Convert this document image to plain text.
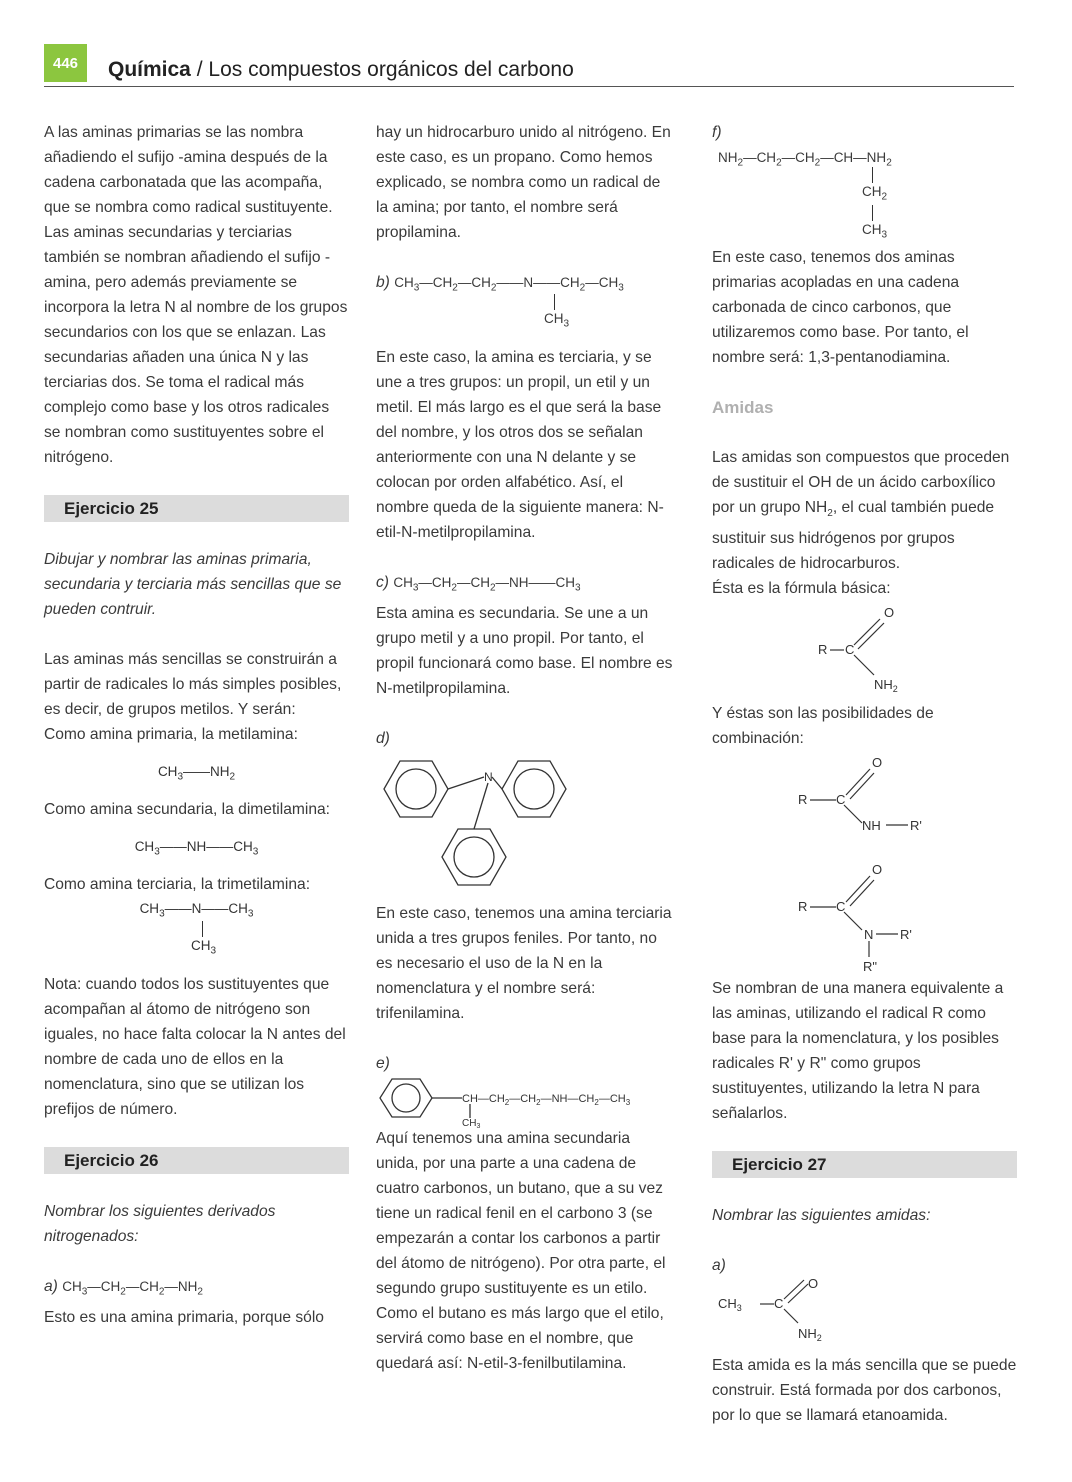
446	Química / Los compuestos orgánicos del carbono

A las aminas primarias se las nombra añadiendo el sufijo -amina después de la cadena carbonatada que las acompaña, que se nombra como radical sustituyente. Las aminas secundarias y terciarias también se nombran añadiendo el sufijo -amina, pero además previamente se incorpora la letra N al nombre de los grupos secundarios con los que se enlazan. Las secundarias añaden una única N y las terciarias dos. Se toma el radical más complejo como base y los otros radicales se nombran como sustituyentes sobre el nitrógeno.

Ejercicio 25

Dibujar y nombrar las aminas primaria, secundaria y terciaria más sencillas que se pueden contruir.

Las aminas más sencillas se construirán a partir de radicales lo más simples posibles, es decir, de grupos metilos. Y serán:

Como amina primaria, la metilamina:

$CH_3——NH_2$

Como amina secundaria, la dimetilamina:

$CH_3——NH——CH_3$

Como amina terciaria, la trimetilamina:

$CH_3——N——CH_3$
$CH_3$

Nota: cuando todos los sustituyentes que acompañan al átomo de nitrógeno son iguales, no hace falta colocar la N antes del nombre de cada uno de ellos en la nomenclatura, sino que se utilizan los prefijos de número.

Ejercicio 26

Nombrar los siguientes derivados nitrogenados:

a) $CH_3—CH_2—CH_2—NH_2$

Esto es una amina primaria, porque sólo

hay un hidrocarburo unido al nitrógeno. En este caso, es un propano. Como hemos explicado, se nombra como un radical de la amina; por tanto, el nombre será propilamina.

b) $CH_3—CH_2—CH_2——N——CH_2—CH_3$
$CH_3$

En este caso, la amina es terciaria, y se une a tres grupos: un propil, un etil y un metil. El más largo es el que será la base del nombre, y los otros dos se señalan anteriormente con una N delante y se colocan por orden alfabético. Así, el nombre queda de la siguiente manera: N-etil-N-metilpropilamina.

c) $CH_3—CH_2—CH_2—NH——CH_3$

Esta amina es secundaria. Se une a un grupo metil y a uno propil. Por tanto, el propil funcionará como base. El nombre es N-metilpropilamina.

d)

N

En este caso, tenemos una amina terciaria unida a tres grupos feniles. Por tanto, no es necesario el uso de la N en la nomenclatura y el nombre será: trifenilamina.

e)

$CH—CH_2—CH_2—NH—CH_2—CH_3$
$CH_3$

Aquí tenemos una amina secundaria unida, por una parte a una cadena de cuatro carbonos, un butano, que a su vez tiene un radical fenil en el carbono 3 (se empezarán a contar los carbonos a partir del átomo de nitrógeno). Por otra parte, el segundo grupo sustituyente es un etilo. Como el butano es más largo que el etilo, servirá como base en el nombre, que quedará así: N-etil-3-fenilbutilamina.

f)

$NH_2—CH_2—CH_2—CH—NH_2$
$CH_2$
$CH_3$

En este caso, tenemos dos aminas primarias acopladas en una cadena carbonada de cinco carbonos, que utilizaremos como base. Por tanto, el nombre será: 1,3-pentanodiamina.

Amidas

Las amidas son compuestos que proceden de sustituir el OH de un ácido carboxílico por un grupo $NH_2$, el cual también puede sustituir sus hidrógenos por grupos radicales de hidrocarburos.

Ésta es la fórmula básica:

R C
O
$NH_2$

Y éstas son las posibilidades de combinación:

R C
O
NH R'
R C
O
N R'
R"

Se nombran de una manera equivalente a las aminas, utilizando el radical R como base para la nomenclatura, y los posibles radicales R' y R" como grupos sustituyentes, utilizando la letra N para señalarlos.

Ejercicio 27

Nombrar las siguientes amidas:

a)

$CH_3$ C
O
$NH_2$

Esta amida es la más sencilla que se puede construir. Está formada por dos carbonos, por lo que se llamará etanoamida.
